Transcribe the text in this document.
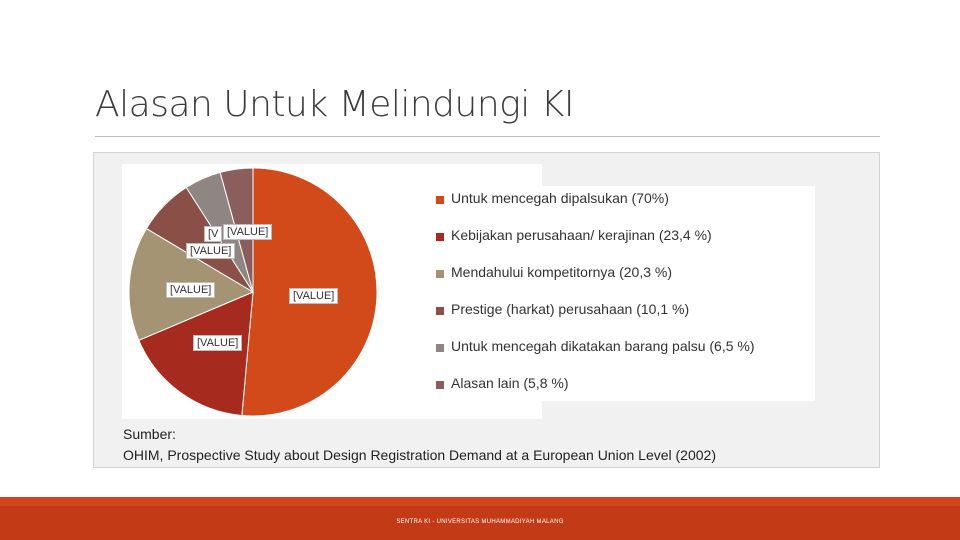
Alasan Untuk Melindungi KI
[VALUE]
[VALUE]
[VALUE]
[VALUE]
[V [VALUE]
Untuk mencegah dipalsukan (70%)
Kebijakan perusahaan/ kerajinan (23,4 %)
Mendahului kompetitornya (20,3 %)
Prestige (harkat) perusahaan (10,1 %)
Untuk mencegah dikatakan barang palsu (6,5 %)
Alasan lain (5,8 %)
Sumber:
OHIM, Prospective Study about Design Registration Demand at a European Union Level (2002)
SENTRA KI - UNIVERSITAS MUHAMMADIYAH MALANG
